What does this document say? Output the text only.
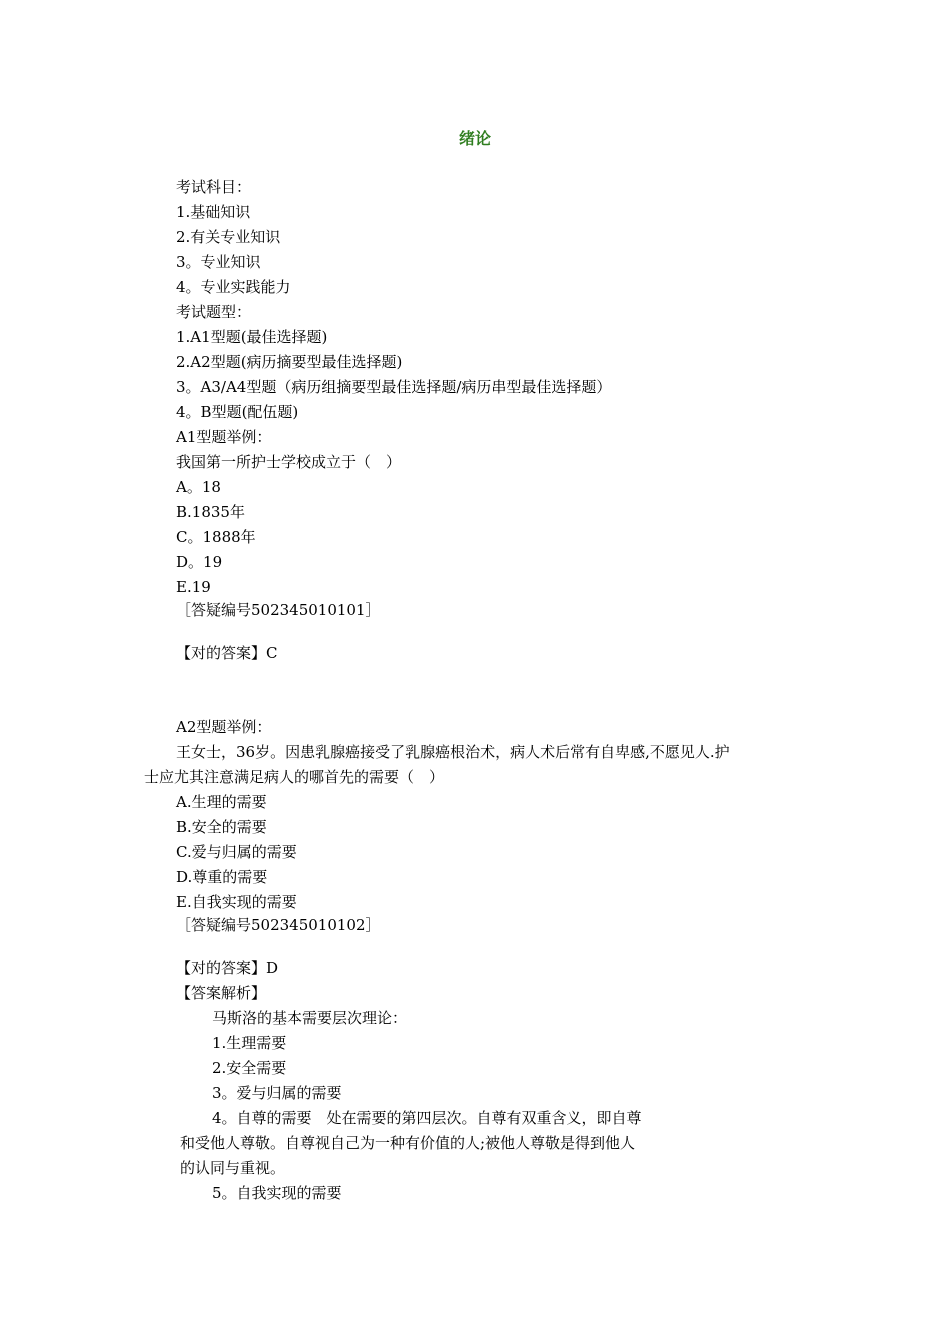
绪论
考试科目：
1.基础知识
2.有关专业知识
3。专业知识
4。专业实践能力
考试题型：
1.A1型题(最佳选择题)
2.A2型题(病历摘要型最佳选择题)
3。A3/A4型题（病历组摘要型最佳选择题/病历串型最佳选择题）
4。B型题(配伍题)
A1型题举例：
我国第一所护士学校成立于（　）
A。18
B.1835年
C。1888年
D。19
E.19
［答疑编号502345010101］
【对的答案】C
A2型题举例：
王女士，36岁。因患乳腺癌接受了乳腺癌根治术，病人术后常有自卑感,不愿见人.护
士应尤其注意满足病人的哪首先的需要（　）
A.生理的需要
B.安全的需要
C.爱与归属的需要
D.尊重的需要
E.自我实现的需要
［答疑编号502345010102］
【对的答案】D
【答案解析】
马斯洛的基本需要层次理论：
1.生理需要
2.安全需要
3。爱与归属的需要
4。自尊的需要　处在需要的第四层次。自尊有双重含义，即自尊
和受他人尊敬。自尊视自己为一种有价值的人;被他人尊敬是得到他人
的认同与重视。
5。自我实现的需要
